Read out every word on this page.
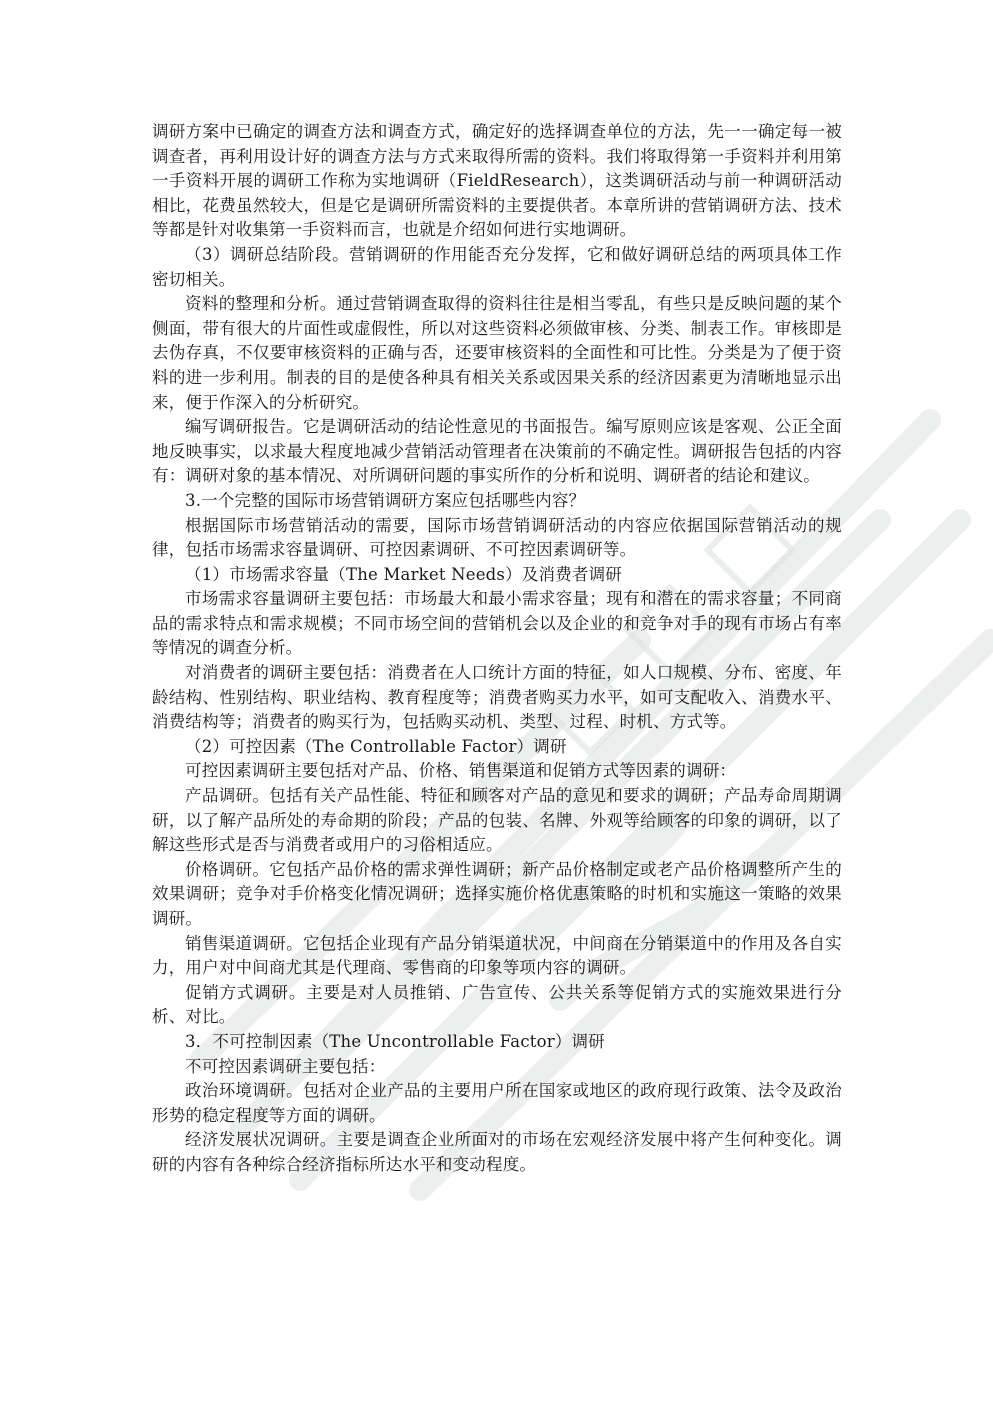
调研方案中已确定的调查方法和调查方式，确定好的选择调查单位的方法，先一一确定每一被调查者，再利用设计好的调查方法与方式来取得所需的资料。我们将取得第一手资料并利用第一手资料开展的调研工作称为实地调研（FieldResearch），这类调研活动与前一种调研活动相比，花费虽然较大，但是它是调研所需资料的主要提供者。本章所讲的营销调研方法、技术等都是针对收集第一手资料而言，也就是介绍如何进行实地调研。

（3）调研总结阶段。营销调研的作用能否充分发挥，它和做好调研总结的两项具体工作密切相关。

资料的整理和分析。通过营销调查取得的资料往往是相当零乱，有些只是反映问题的某个侧面，带有很大的片面性或虚假性，所以对这些资料必须做审核、分类、制表工作。审核即是去伪存真，不仅要审核资料的正确与否，还要审核资料的全面性和可比性。分类是为了便于资料的进一步利用。制表的目的是使各种具有相关关系或因果关系的经济因素更为清晰地显示出来，便于作深入的分析研究。

编写调研报告。它是调研活动的结论性意见的书面报告。编写原则应该是客观、公正全面地反映事实，以求最大程度地减少营销活动管理者在决策前的不确定性。调研报告包括的内容有：调研对象的基本情况、对所调研问题的事实所作的分析和说明、调研者的结论和建议。

3.一个完整的国际市场营销调研方案应包括哪些内容？

根据国际市场营销活动的需要，国际市场营销调研活动的内容应依据国际营销活动的规律，包括市场需求容量调研、可控因素调研、不可控因素调研等。

（1）市场需求容量（The Market Needs）及消费者调研

市场需求容量调研主要包括：市场最大和最小需求容量；现有和潜在的需求容量；不同商品的需求特点和需求规模；不同市场空间的营销机会以及企业的和竞争对手的现有市场占有率等情况的调查分析。

对消费者的调研主要包括：消费者在人口统计方面的特征，如人口规模、分布、密度、年龄结构、性别结构、职业结构、教育程度等；消费者购买力水平，如可支配收入、消费水平、消费结构等；消费者的购买行为，包括购买动机、类型、过程、时机、方式等。

（2）可控因素（The Controllable Factor）调研

可控因素调研主要包括对产品、价格、销售渠道和促销方式等因素的调研：

产品调研。包括有关产品性能、特征和顾客对产品的意见和要求的调研；产品寿命周期调研，以了解产品所处的寿命期的阶段；产品的包装、名牌、外观等给顾客的印象的调研，以了解这些形式是否与消费者或用户的习俗相适应。

价格调研。它包括产品价格的需求弹性调研；新产品价格制定或老产品价格调整所产生的效果调研；竞争对手价格变化情况调研；选择实施价格优惠策略的时机和实施这一策略的效果调研。

销售渠道调研。它包括企业现有产品分销渠道状况，中间商在分销渠道中的作用及各自实力，用户对中间商尤其是代理商、零售商的印象等项内容的调研。

促销方式调研。主要是对人员推销、广告宣传、公共关系等促销方式的实施效果进行分析、对比。

3．不可控制因素（The Uncontrollable Factor）调研

不可控因素调研主要包括：

政治环境调研。包括对企业产品的主要用户所在国家或地区的政府现行政策、法令及政治形势的稳定程度等方面的调研。

经济发展状况调研。主要是调查企业所面对的市场在宏观经济发展中将产生何种变化。调研的内容有各种综合经济指标所达水平和变动程度。
